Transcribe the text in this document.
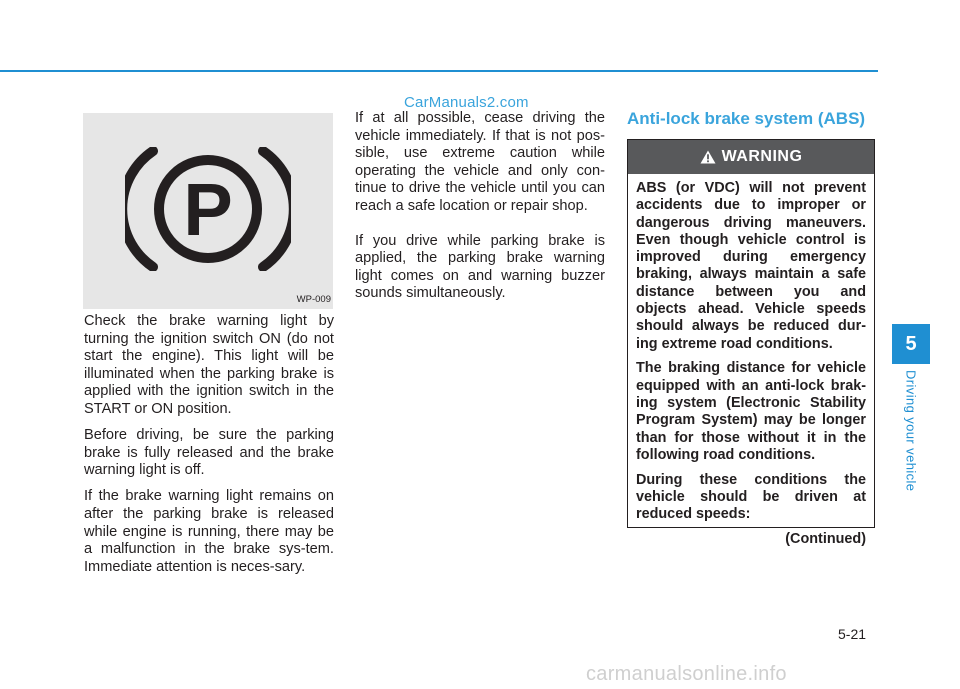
CarManuals2.com
P
WP-009

Check the brake warning light by turning the ignition switch ON (do not start the engine). This light will be illuminated when the parking brake is applied with the ignition switch in the START or ON position.

Before driving, be sure the parking brake is fully released and the brake warning light is off.

If the brake warning light remains on after the parking brake is released while engine is running, there may be a malfunction in the brake sys-tem. Immediate attention is neces-sary.

If at all possible, cease driving the vehicle immediately. If that is not pos-sible, use extreme caution while operating the vehicle and only con-tinue to drive the vehicle until you can reach a safe location or repair shop.

If you drive while parking brake is applied, the parking brake warning light comes on and warning buzzer sounds simultaneously.

Anti-lock brake system (ABS)
WARNING

ABS (or VDC) will not prevent accidents due to improper or dangerous driving maneuvers. Even though vehicle control is improved during emergency braking, always maintain a safe distance between you and objects ahead. Vehicle speeds should always be reduced dur-ing extreme road conditions.

The braking distance for vehicle equipped with an anti-lock brak-ing system (Electronic Stability Program System) may be longer than for those without it in the following road conditions.

During these conditions the vehicle should be driven at reduced speeds:

(Continued)

5
Driving your vehicle
5-21
carmanualsonline.info
